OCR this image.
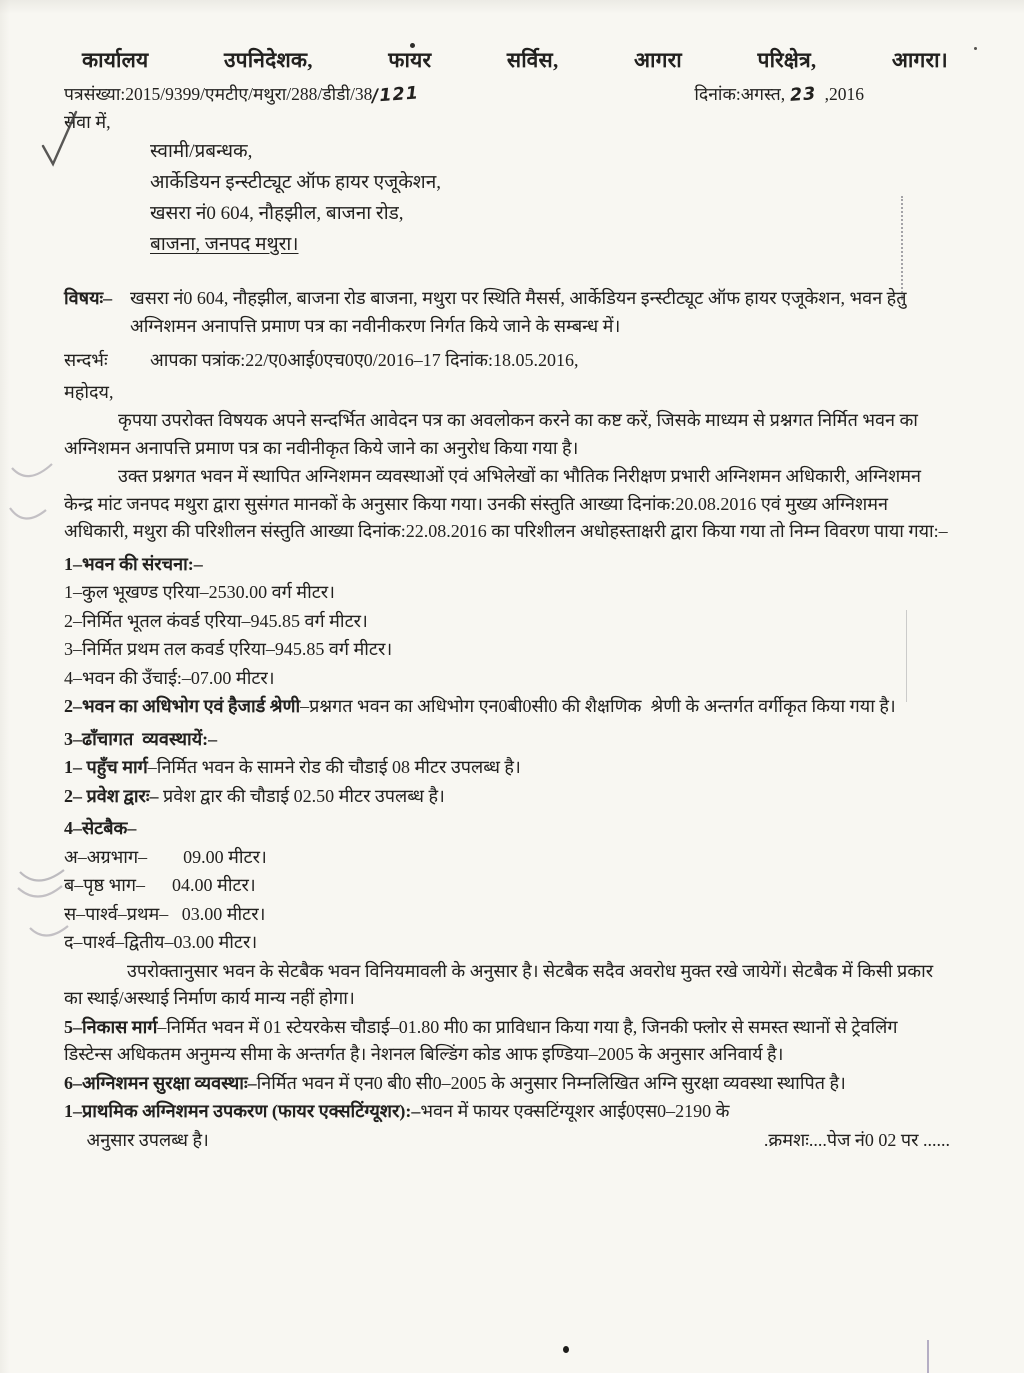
कार्यालय	उपनिदेशक,	फायर	सर्विस,	आगरा	परिक्षेत्र,	आगरा।
पत्रसंख्या:2015/9399/एमटीए/मथुरा/288/डीडी/38/121	दिनांक:अगस्त, 23 ,2016
सेवा में,
स्वामी/प्रबन्धक,
आर्केडियन इन्स्टीट्यूट ऑफ हायर एजूकेशन,
खसरा नं0 604, नौहझील, बाजना रोड,
बाजना, जनपद मथुरा।
विषयः– खसरा नं0 604, नौहझील, बाजना रोड बाजना, मथुरा पर स्थिति मैसर्स, आर्केडियन इन्स्टीट्यूट ऑफ हायर एजूकेशन, भवन हेतु अग्निशमन अनापत्ति प्रमाण पत्र का नवीनीकरण निर्गत किये जाने के सम्बन्ध में।
सन्दर्भः	आपका पत्रांक:22/ए0आई0एच0ए0/2016–17 दिनांक:18.05.2016,
महोदय,
कृपया उपरोक्त विषयक अपने सन्दर्भित आवेदन पत्र का अवलोकन करने का कष्ट करें, जिसके माध्यम से प्रश्नगत निर्मित भवन का अग्निशमन अनापत्ति प्रमाण पत्र का नवीनीकृत किये जाने का अनुरोध किया गया है।
उक्त प्रश्नगत भवन में स्थापित अग्निशमन व्यवस्थाओं एवं अभिलेखों का भौतिक निरीक्षण प्रभारी अग्निशमन अधिकारी, अग्निशमन केन्द्र मांट जनपद मथुरा द्वारा सुसंगत मानकों के अनुसार किया गया। उनकी संस्तुति आख्या दिनांक:20.08.2016 एवं मुख्य अग्निशमन अधिकारी, मथुरा की परिशीलन संस्तुति आख्या दिनांक:22.08.2016 का परिशीलन अधोहस्ताक्षरी द्वारा किया गया तो निम्न विवरण पाया गया:–
1–भवन की संरचना:–
1–कुल भूखण्ड एरिया–2530.00 वर्ग मीटर।
2–निर्मित भूतल कंवर्ड एरिया–945.85 वर्ग मीटर।
3–निर्मित प्रथम तल कवर्ड एरिया–945.85 वर्ग मीटर।
4–भवन की उँचाई:–07.00 मीटर।
2–भवन का अधिभोग एवं हैजार्ड श्रेणी–प्रश्नगत भवन का अधिभोग एन0बी0सी0 की शैक्षणिक  श्रेणी के अन्तर्गत वर्गीकृत किया गया है।
3–ढाँचागत  व्यवस्थायें:–
1– पहुँच मार्ग–निर्मित भवन के सामने रोड की चौडाई 08 मीटर उपलब्ध है।
2– प्रवेश द्वारः– प्रवेश द्वार की चौडाई 02.50 मीटर उपलब्ध है।
4–सेटबैक–
अ–अग्रभाग–        09.00 मीटर।
ब–पृष्ठ भाग–      04.00 मीटर।
स–पार्श्व–प्रथम–   03.00 मीटर।
द–पार्श्व–द्वितीय–03.00 मीटर।
उपरोक्तानुसार भवन के सेटबैक भवन विनियमावली के अनुसार है। सेटबैक सदैव अवरोध मुक्त रखे जायेगें। सेटबैक में किसी प्रकार का स्थाई/अस्थाई निर्माण कार्य मान्य नहीं होगा।
5–निकास मार्ग–निर्मित भवन में 01 स्टेयरकेस चौडाई–01.80 मी0 का प्राविधान किया गया है, जिनकी फ्लोर से समस्त स्थानों से ट्रेवलिंग डिस्टेन्स अधिकतम अनुमन्य सीमा के अन्तर्गत है। नेशनल बिल्डिंग कोड आफ इण्डिया–2005 के अनुसार अनिवार्य है।
6–अग्निशमन सुरक्षा व्यवस्थाः–निर्मित भवन में एन0 बी0 सी0–2005 के अनुसार निम्नलिखित अग्नि सुरक्षा व्यवस्था स्थापित है।
1–प्राथमिक अग्निशमन उपकरण (फायर एक्सटिंग्यूशर):–भवन में फायर एक्सटिंग्यूशर आई0एस0–2190 के
अनुसार उपलब्ध है।	.क्रमशः....पेज नं0 02 पर ......
